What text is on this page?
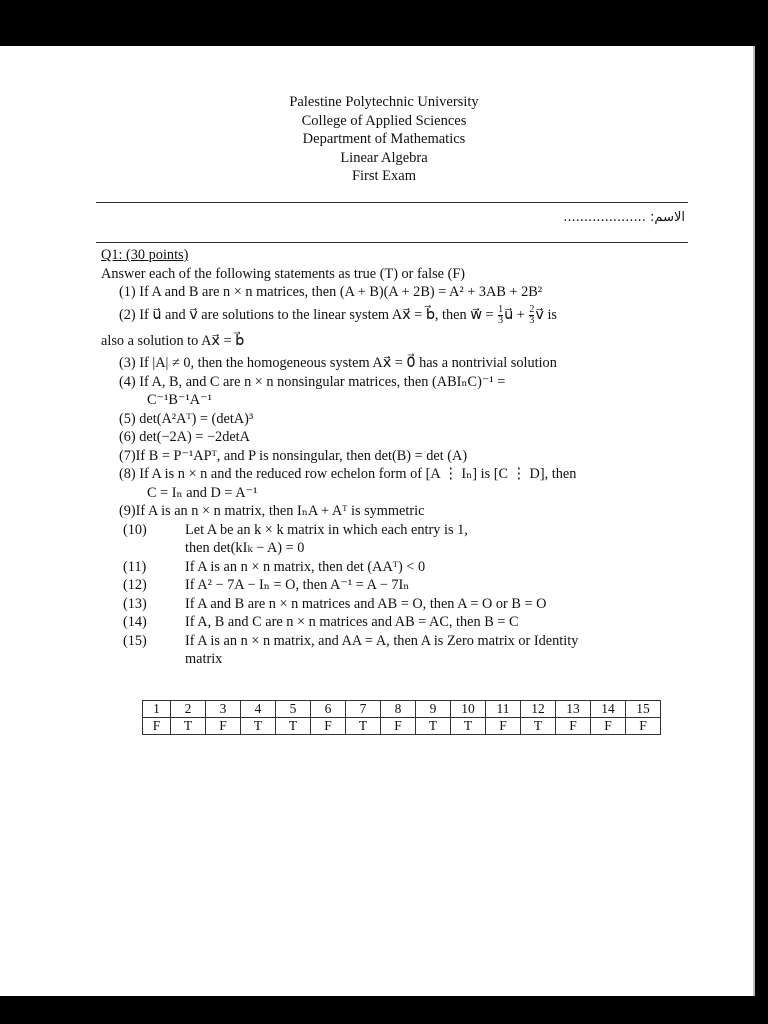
Palestine Polytechnic University
College of Applied Sciences
Department of Mathematics
Linear Algebra
First Exam
الاسم: ....................
Q1: (30 points)
Answer each of the following statements as true (T) or false (F)
(1) If A and B are n × n matrices, then (A + B)(A + 2B) = A² + 3AB + 2B²
(2) If u⃗ and v⃗ are solutions to the linear system Ax⃗ = b⃗, then w⃗ = $\frac{1}{3}$ u⃗ + $\frac{2}{3}$ v⃗ is
also a solution to Ax⃗ = b⃗
(3) If |A| ≠ 0, then the homogeneous system Ax⃗ = 0⃗ has a nontrivial solution
(4) If A, B, and C are n × n nonsingular matrices, then (ABIₙC)⁻¹ =
C⁻¹B⁻¹A⁻¹
(5) det(A²Aᵀ) = (detA)³
(6) det(−2A) = −2detA
(7)If B = P⁻¹APᵀ, and P is nonsingular, then det(B) = det (A)
(8) If A is n × n and the reduced row echelon form of [A ⋮ Iₙ] is [C ⋮ D], then
C = Iₙ and D = A⁻¹
(9)If A is an n × n matrix, then IₙA + Aᵀ is symmetric
(10)	Let A be an k × k matrix in which each entry is 1,
then det(kIₖ − A) = 0
(11)	If A is an n × n matrix, then det (AAᵀ) < 0
(12)	If A² − 7A − Iₙ = O, then A⁻¹ = A − 7Iₙ
(13)	If A and B are n × n matrices and AB = O, then A = O or B = O
(14)	If A, B and C are n × n matrices and AB = AC, then B = C
(15)	If A is an n × n matrix, and AA = A, then A is Zero matrix or Identity
matrix
1	2	3	4	5	6	7	8	9	10	11	12	13	14	15
F	T	F	T	T	F	T	F	T	T	F	T	F	F	F
